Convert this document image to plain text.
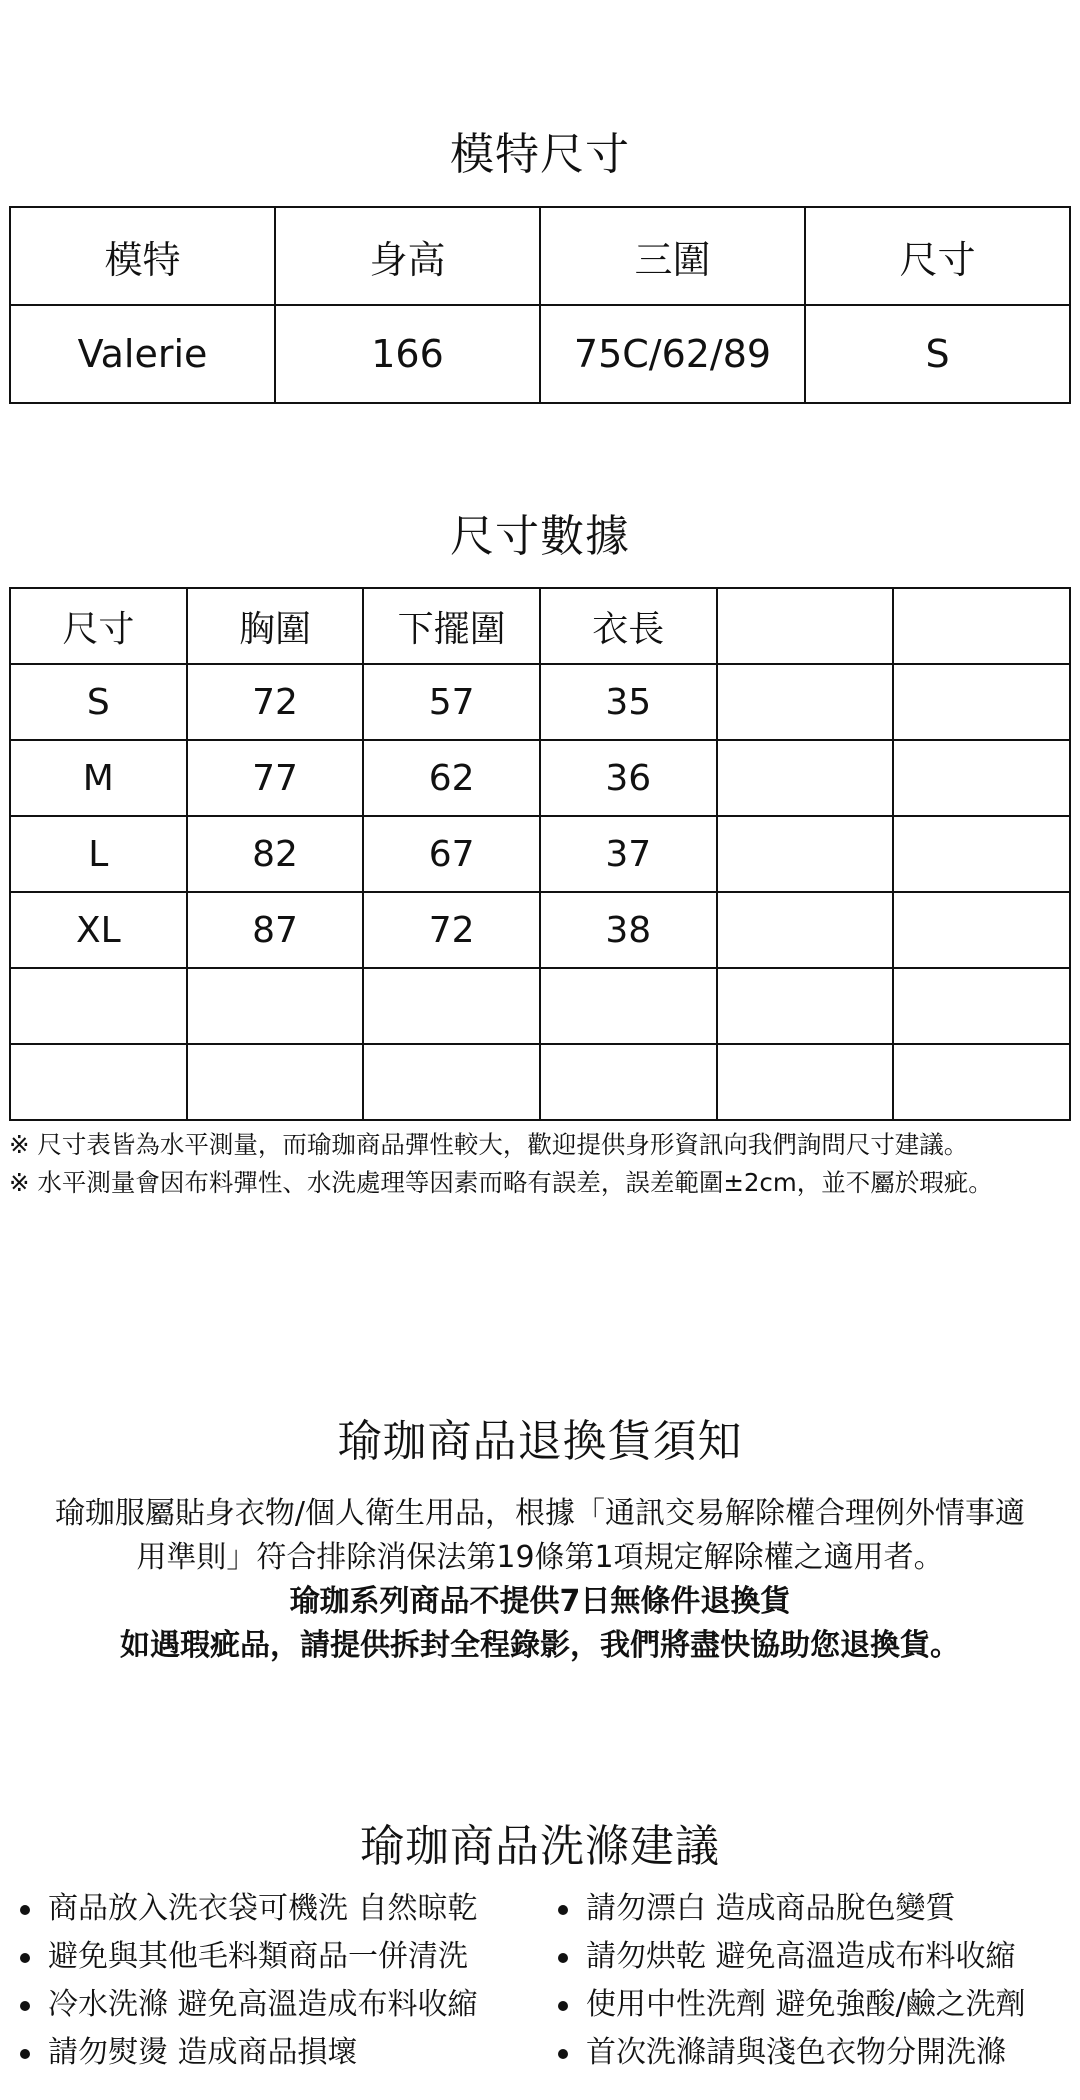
模特尺寸
模特	身高	三圍	尺寸
Valerie	166	75C/62/89	S
尺寸數據
尺寸	胸圍	下擺圍	衣長		
S	72	57	35		
M	77	62	36		
L	82	67	37		
XL	87	72	38		

※ 尺寸表皆為水平測量，而瑜珈商品彈性較大，歡迎提供身形資訊向我們詢問尺寸建議。
※ 水平測量會因布料彈性、水洗處理等因素而略有誤差，誤差範圍±2cm，並不屬於瑕疵。
瑜珈商品退換貨須知
瑜珈服屬貼身衣物/個人衛生用品，根據「通訊交易解除權合理例外情事適
用準則」符合排除消保法第19條第1項規定解除權之適用者。
瑜珈系列商品不提供7日無條件退換貨
如遇瑕疵品，請提供拆封全程錄影，我們將盡快協助您退換貨。
瑜珈商品洗滌建議
商品放入洗衣袋可機洗 自然晾乾
避免與其他毛料類商品一併清洗
冷水洗滌 避免高溫造成布料收縮
請勿熨燙 造成商品損壞
請勿漂白 造成商品脫色變質
請勿烘乾 避免高溫造成布料收縮
使用中性洗劑 避免強酸/鹼之洗劑
首次洗滌請與淺色衣物分開洗滌
